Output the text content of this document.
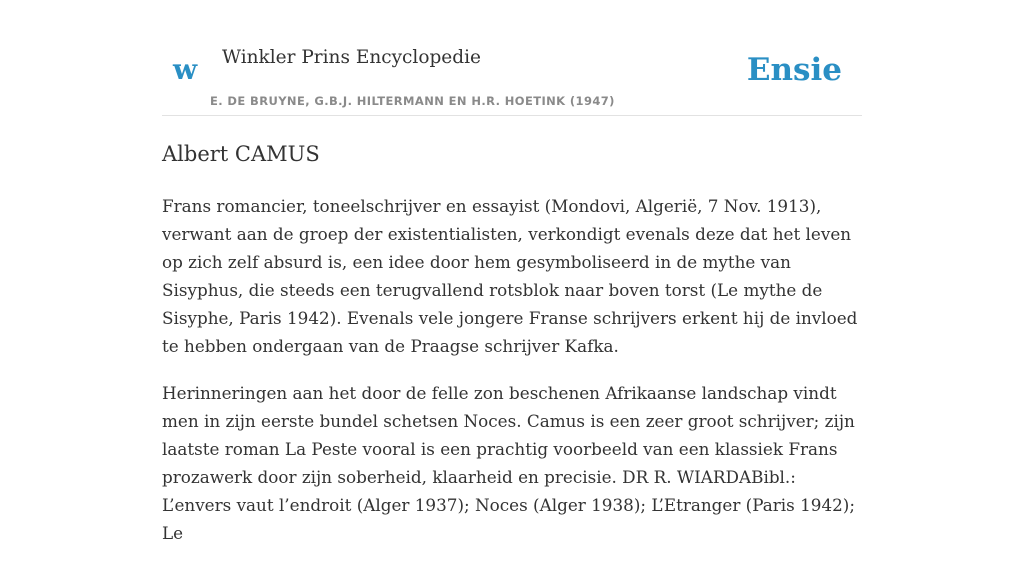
w Winkler Prins Encyclopedie
E. DE BRUYNE, G.B.J. HILTERMANN EN H.R. HOETINK (1947)
Ensie
Albert CAMUS

Frans romancier, toneelschrijver en essayist (Mondovi, Algerië, 7 Nov. 1913), verwant aan de groep der existentialisten, verkondigt evenals deze dat het leven op zich zelf absurd is, een idee door hem gesymboliseerd in de mythe van Sisyphus, die steeds een terugvallend rotsblok naar boven torst (Le mythe de Sisyphe, Paris 1942). Evenals vele jongere Franse schrijvers erkent hij de invloed te hebben ondergaan van de Praagse schrijver Kafka.

Herinneringen aan het door de felle zon beschenen Afrikaanse landschap vindt men in zijn eerste bundel schetsen Noces. Camus is een zeer groot schrijver; zijn laatste roman La Peste vooral is een prachtig voorbeeld van een klassiek Frans prozawerk door zijn soberheid, klaarheid en precisie. DR R. WIARDABibl.: L’envers vaut l’endroit (Alger 1937); Noces (Alger 1938); L’Etranger (Paris 1942); Le
